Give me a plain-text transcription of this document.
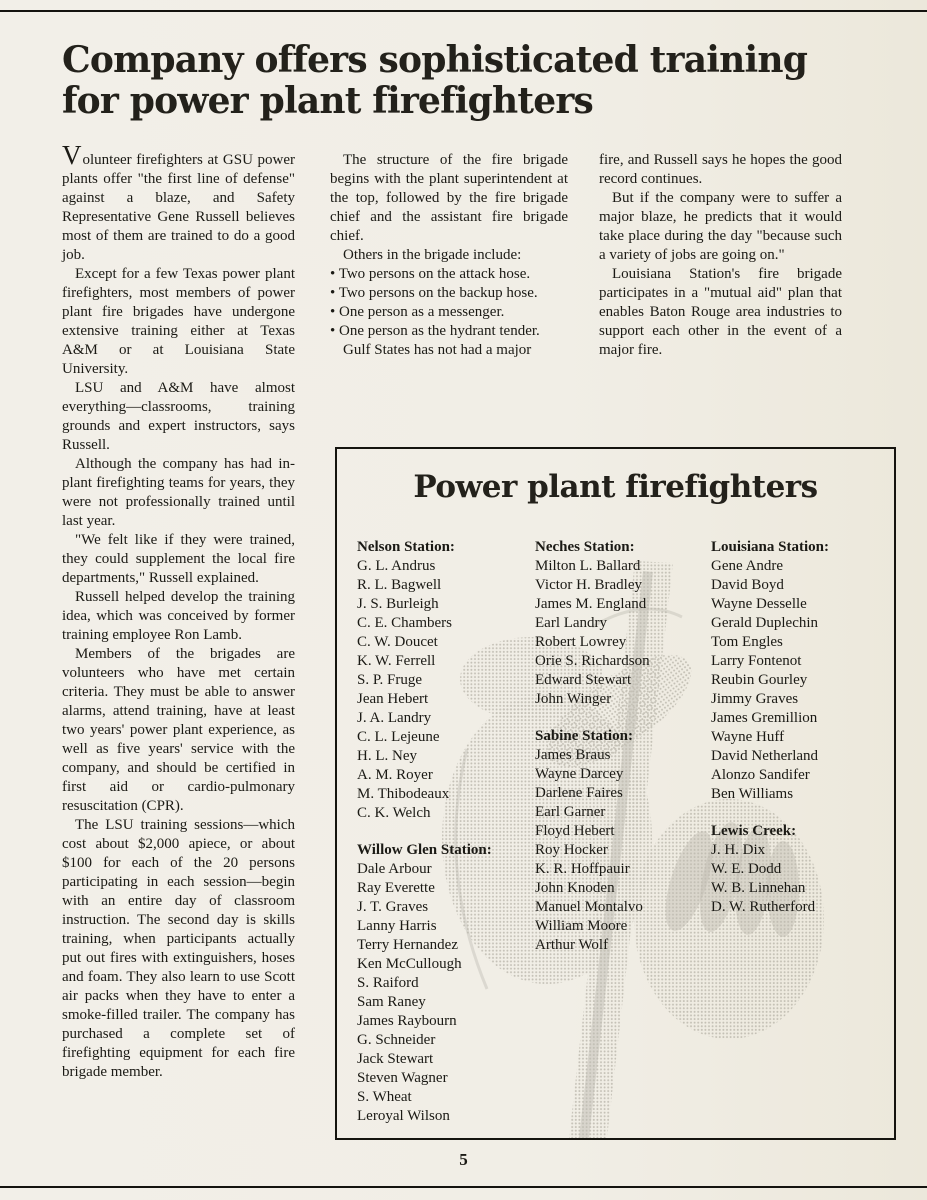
Company offers sophisticated training for power plant firefighters
Volunteer firefighters at GSU power plants offer "the first line of defense" against a blaze, and Safety Representative Gene Russell believes most of them are trained to do a good job.
Except for a few Texas power plant firefighters, most members of power plant fire brigades have undergone extensive training either at Texas A&M or at Louisiana State University.
LSU and A&M have almost everything—classrooms, training grounds and expert instructors, says Russell.
Although the company has had in-plant firefighting teams for years, they were not professionally trained until last year.
"We felt like if they were trained, they could supplement the local fire departments," Russell explained.
Russell helped develop the training idea, which was conceived by former training employee Ron Lamb.
Members of the brigades are volunteers who have met certain criteria. They must be able to answer alarms, attend training, have at least two years' power plant experience, as well as five years' service with the company, and should be certified in first aid or cardio-pulmonary resuscitation (CPR).
The LSU training sessions—which cost about $2,000 apiece, or about $100 for each of the 20 persons participating in each session—begin with an entire day of classroom instruction. The second day is skills training, when participants actually put out fires with extinguishers, hoses and foam. They also learn to use Scott air packs when they have to enter a smoke-filled trailer. The company has purchased a complete set of firefighting equipment for each fire brigade member.
The structure of the fire brigade begins with the plant superintendent at the top, followed by the fire brigade chief and the assistant fire brigade chief.
Others in the brigade include:
• Two persons on the attack hose.
• Two persons on the backup hose.
• One person as a messenger.
• One person as the hydrant tender.
Gulf States has not had a major
fire, and Russell says he hopes the good record continues.
But if the company were to suffer a major blaze, he predicts that it would take place during the day "because such a variety of jobs are going on."
Louisiana Station's fire brigade participates in a "mutual aid" plan that enables Baton Rouge area industries to support each other in the event of a major fire.
Power plant firefighters
Nelson Station:
G. L. Andrus
R. L. Bagwell
J. S. Burleigh
C. E. Chambers
C. W. Doucet
K. W. Ferrell
S. P. Fruge
Jean Hebert
J. A. Landry
C. L. Lejeune
H. L. Ney
A. M. Royer
M. Thibodeaux
C. K. Welch
Willow Glen Station:
Dale Arbour
Ray Everette
J. T. Graves
Lanny Harris
Terry Hernandez
Ken McCullough
S. Raiford
Sam Raney
James Raybourn
G. Schneider
Jack Stewart
Steven Wagner
S. Wheat
Leroyal Wilson
Neches Station:
Milton L. Ballard
Victor H. Bradley
James M. England
Earl Landry
Robert Lowrey
Orie S. Richardson
Edward Stewart
John Winger
Sabine Station:
James Braus
Wayne Darcey
Darlene Faires
Earl Garner
Floyd Hebert
Roy Hocker
K. R. Hoffpauir
John Knoden
Manuel Montalvo
William Moore
Arthur Wolf
Louisiana Station:
Gene Andre
David Boyd
Wayne Desselle
Gerald Duplechin
Tom Engles
Larry Fontenot
Reubin Gourley
Jimmy Graves
James Gremillion
Wayne Huff
David Netherland
Alonzo Sandifer
Ben Williams
Lewis Creek:
J. H. Dix
W. E. Dodd
W. B. Linnehan
D. W. Rutherford
5
